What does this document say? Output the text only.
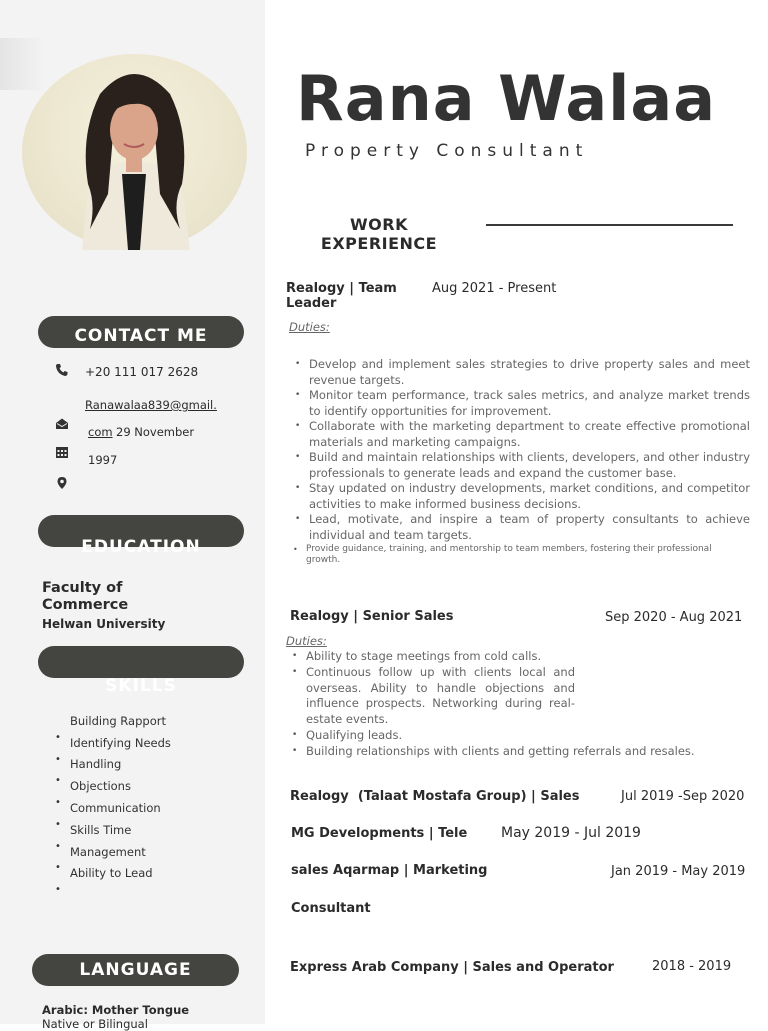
CONTACT ME
+20 111 017 2628
Ranawalaa839@gmail.
com 29 November
1997
EDUCATION
Faculty of
Commerce
Helwan University
Building Rapport
Identifying Needs
Handling
Objections
Communication
Skills Time
Management
Ability to Lead
•
•
•
•
•
•
•
•
LANGUAGE
Arabic: Mother Tongue
Native or Bilingual
Rana Walaa
Property Consultant
WORK
EXPERIENCE
Realogy | Team
Leader
Aug 2021 - Present
Duties:
• Develop and implement sales strategies to drive property sales and meet revenue targets.
• Monitor team performance, track sales metrics, and analyze market trends to identify opportunities for improvement.
• Collaborate with the marketing department to create effective promotional materials and marketing campaigns.
• Build and maintain relationships with clients, developers, and other industry professionals to generate leads and expand the customer base.
• Stay updated on industry developments, market conditions, and competitor activities to make informed business decisions.
• Lead, motivate, and inspire a team of property consultants to achieve individual and team targets.
• Provide guidance, training, and mentorship to team members, fostering their professional growth.
Realogy | Senior Sales	Sep 2020 - Aug 2021
Duties:
• Ability to stage meetings from cold calls.
• Continuous follow up with clients local and overseas. Ability to handle objections and influence prospects. Networking during real-estate events.
• Qualifying leads.
• Building relationships with clients and getting referrals and resales.
Realogy  (Talaat Mostafa Group) | Sales	Jul 2019 -Sep 2020
MG Developments | Tele May 2019 - Jul 2019
sales Aqarmap | Marketing	Jan 2019 - May 2019
Consultant
Express Arab Company | Sales and Operator	2018 - 2019
